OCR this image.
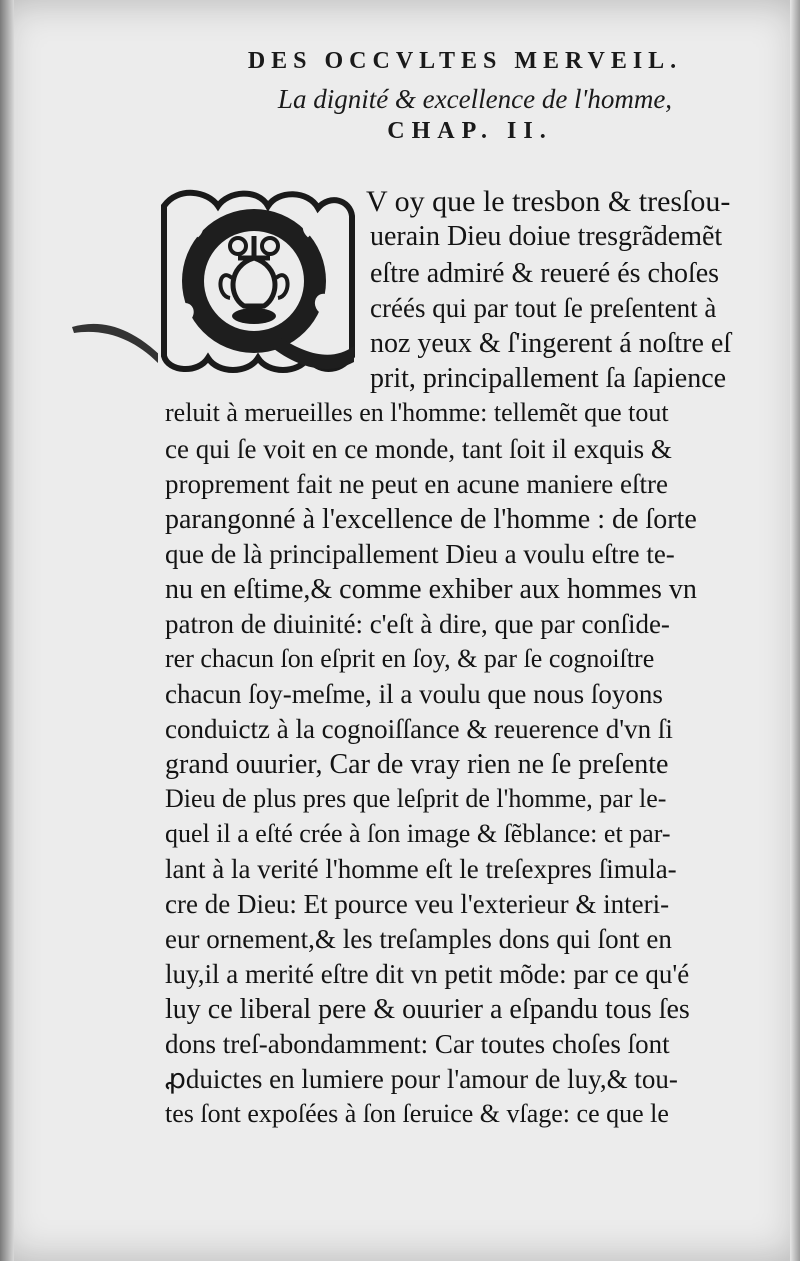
DES OCCVLTES MERVEIL.
La dignité & excellence de l'homme,
CHAP. II.
V oy que le tresbon & tresſou-
uerain Dieu doiue tresgrãdemẽt
eſtre admiré & reueré és choſes
créés qui par tout ſe preſentent à
noz yeux & ſ'ingerent á noſtre eſ
prit, principallement ſa ſapience
reluit à merueilles en l'homme: tellemẽt que tout
ce qui ſe voit en ce monde, tant ſoit il exquis &
proprement fait ne peut en acune maniere eſtre
parangonné à l'excellence de l'homme : de ſorte
que de là principallement Dieu a voulu eſtre te-
nu en eſtime,& comme exhiber aux hommes vn
patron de diuinité: c'eſt à dire, que par conſide-
rer chacun ſon eſprit en ſoy, & par ſe cognoiſtre
chacun ſoy-meſme, il a voulu que nous ſoyons
conduictz à la cognoiſſance & reuerence d'vn ſi
grand ouurier, Car de vray rien ne ſe preſente
Dieu de plus pres que leſprit de l'homme, par le-
quel il a eſté crée à ſon image & ſẽblance: et par-
lant à la verité l'homme eſt le treſexpres ſimula-
cre de Dieu: Et pource veu l'exterieur & interi-
eur ornement,& les treſamples dons qui ſont en
luy,il a merité eſtre dit vn petit mõde: par ce qu'é
luy ce liberal pere & ouurier a eſpandu tous ſes
dons treſ-abondamment: Car toutes choſes ſont
ꝓduictes en lumiere pour l'amour de luy,& tou-
tes ſont expoſées à ſon ſeruice & vſage: ce que le
